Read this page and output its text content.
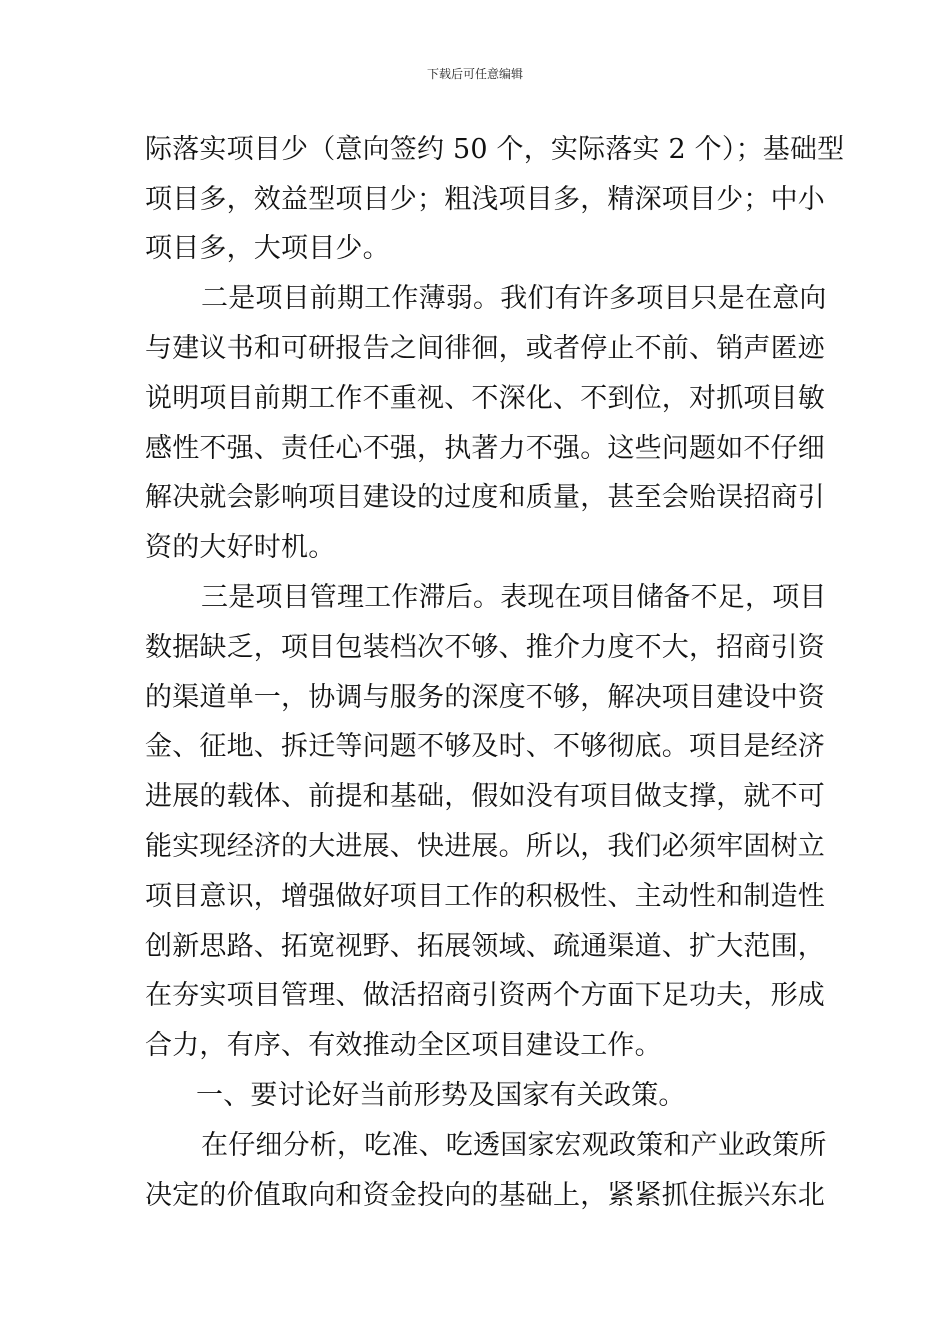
下载后可任意编辑
际落实项目少（意向签约 50 个，实际落实 2 个）；基础型
项目多，效益型项目少；粗浅项目多，精深项目少；中小
项目多，大项目少。
二是项目前期工作薄弱。我们有许多项目只是在意向
与建议书和可研报告之间徘徊，或者停止不前、销声匿迹
说明项目前期工作不重视、不深化、不到位，对抓项目敏
感性不强、责任心不强，执著力不强。这些问题如不仔细
解决就会影响项目建设的过度和质量，甚至会贻误招商引
资的大好时机。
三是项目管理工作滞后。表现在项目储备不足，项目
数据缺乏，项目包装档次不够、推介力度不大，招商引资
的渠道单一，协调与服务的深度不够，解决项目建设中资
金、征地、拆迁等问题不够及时、不够彻底。项目是经济
进展的载体、前提和基础，假如没有项目做支撑，就不可
能实现经济的大进展、快进展。所以，我们必须牢固树立
项目意识，增强做好项目工作的积极性、主动性和制造性
创新思路、拓宽视野、拓展领域、疏通渠道、扩大范围，
在夯实项目管理、做活招商引资两个方面下足功夫，形成
合力，有序、有效推动全区项目建设工作。
一、要讨论好当前形势及国家有关政策。
在仔细分析，吃准、吃透国家宏观政策和产业政策所
决定的价值取向和资金投向的基础上，紧紧抓住振兴东北
